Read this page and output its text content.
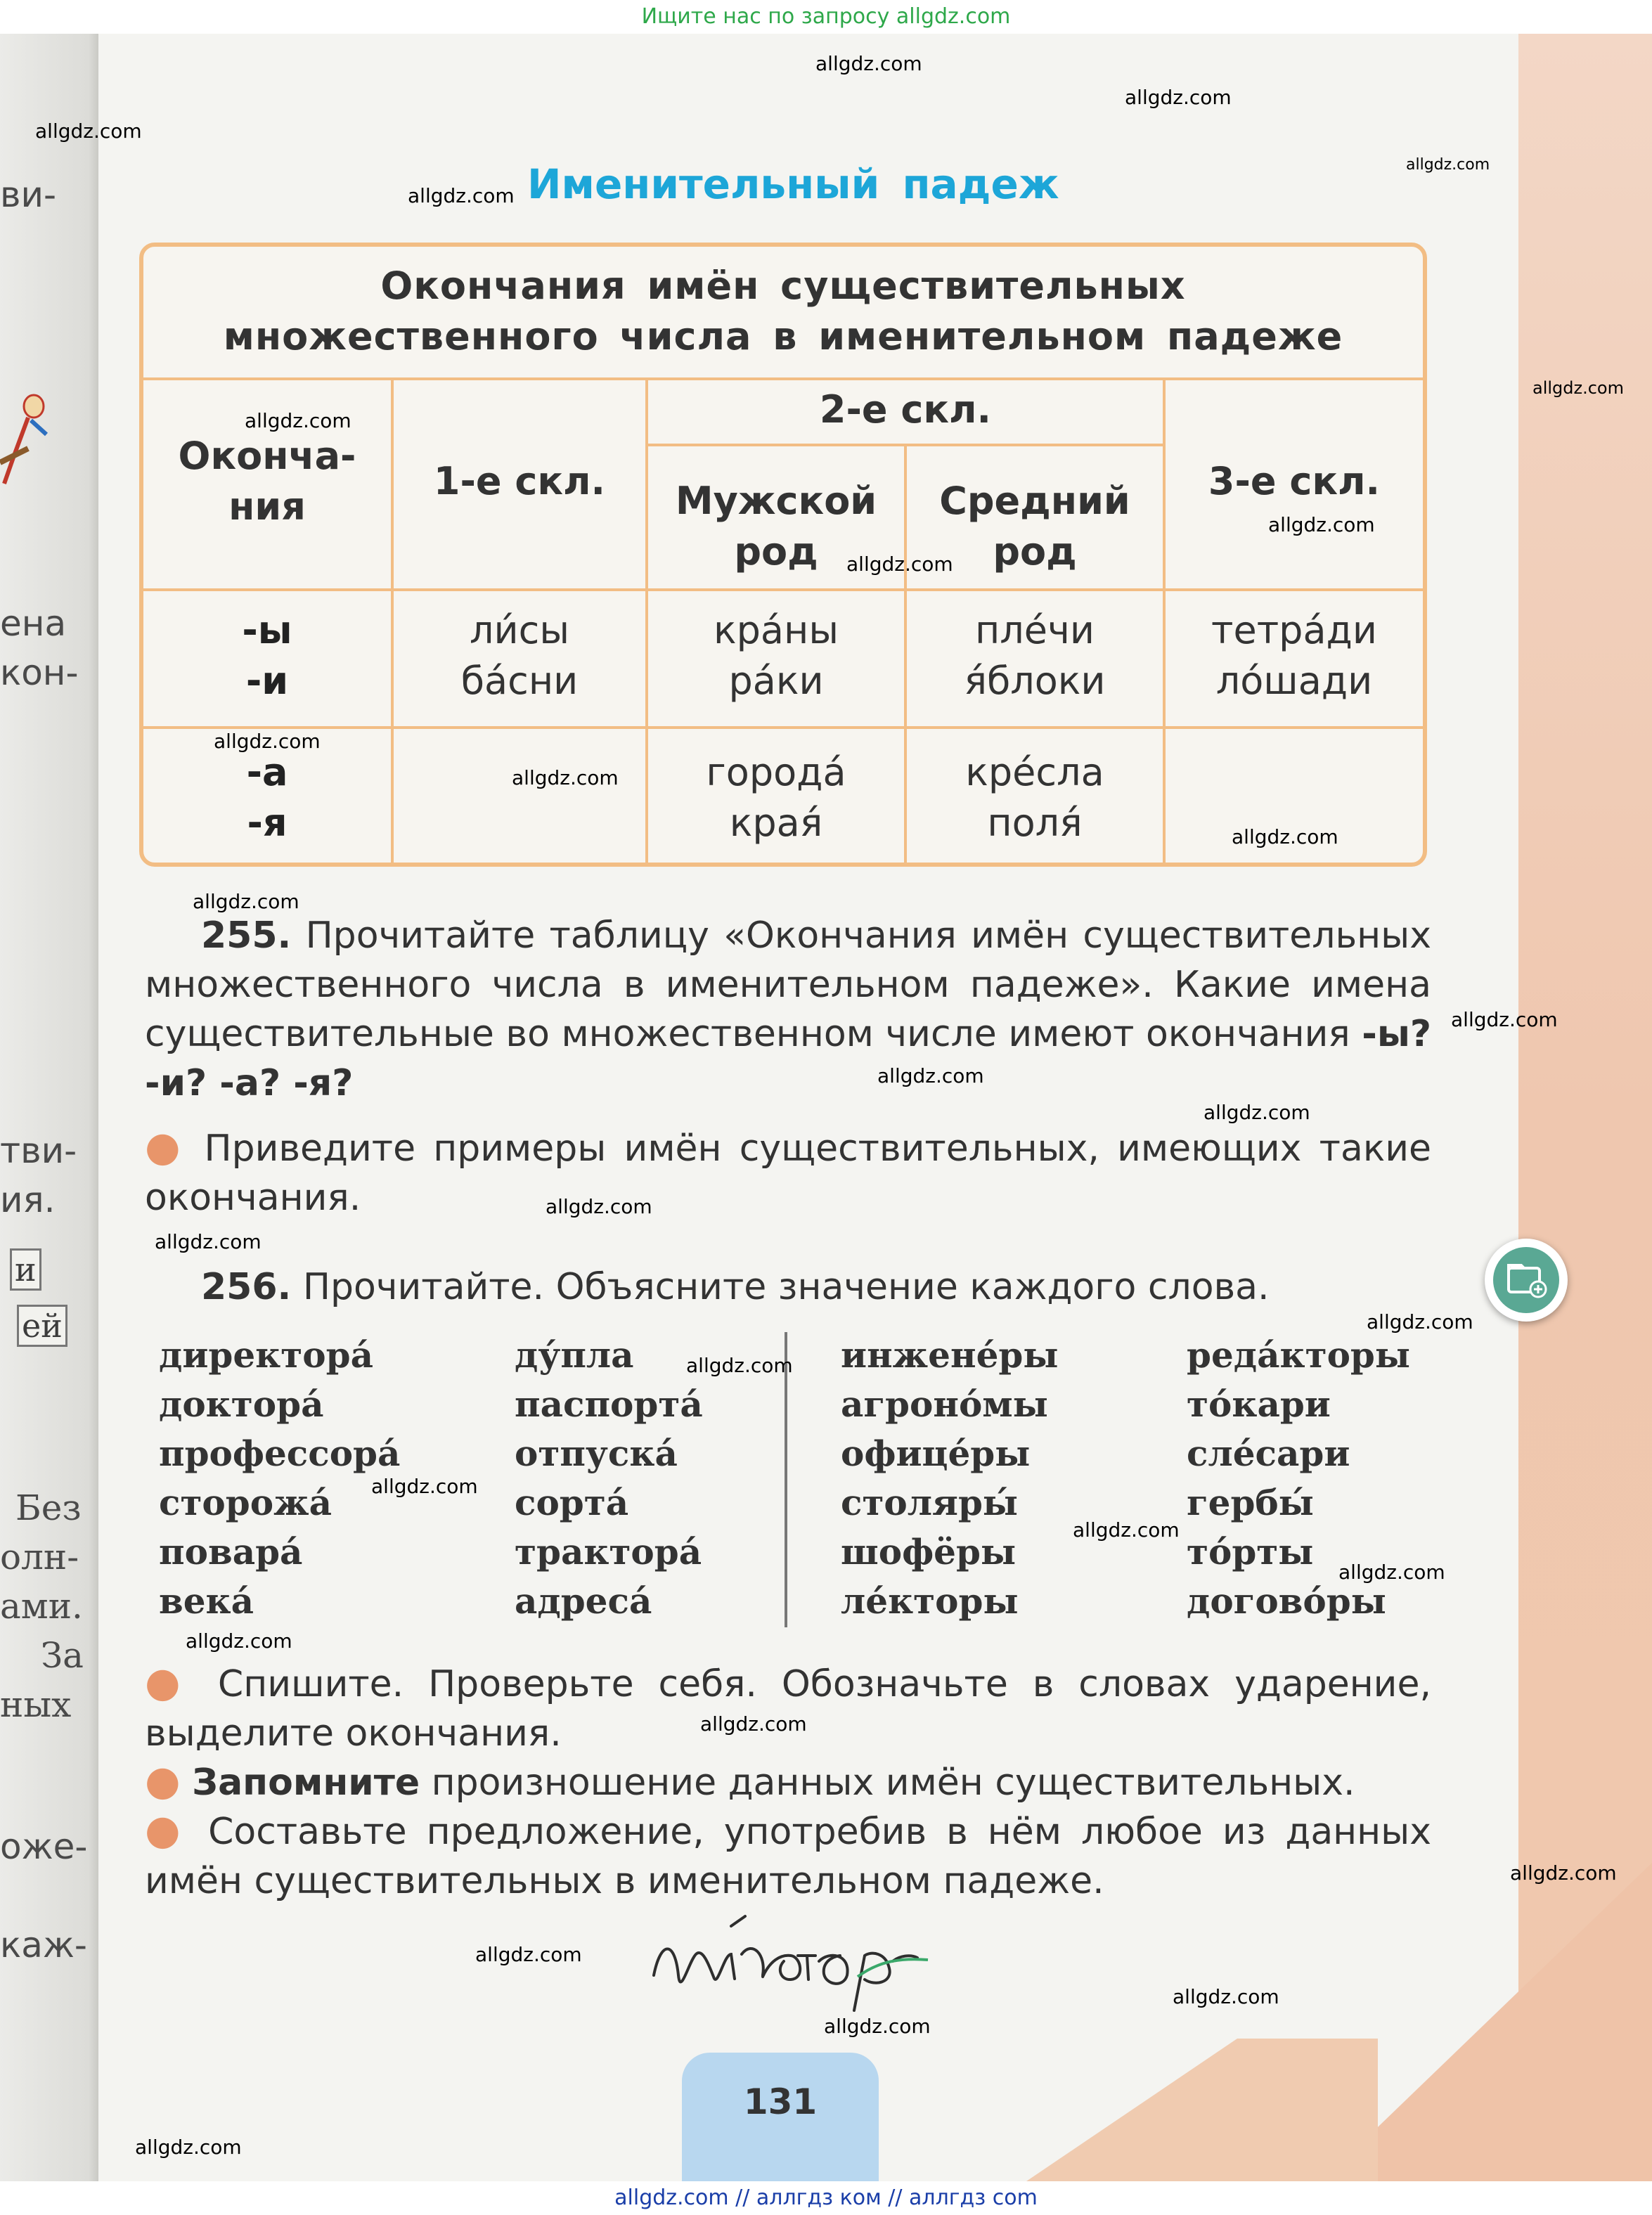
Ищите нас по запросу allgdz.com
ви-
ена
кон-
тви-
ия.
и
ей
Без
олн-
ами.
За
ных
оже-
каж-
Именительный падеж
Окончания имён существительных
множественного числа в именительном падеже
Оконча-
ния
1-е скл.
2-е скл.
Мужской
род
Средний
род
3-е скл.
-ы
-и
ли́сы
ба́сни
кра́ны
ра́ки
пле́чи
я́блоки
тетра́ди
ло́шади
-а
-я
города́
края́
кре́сла
поля́
255. Прочитайте таблицу «Окончания имён существительных множественного числа в именительном падеже». Какие имена существительные во множественном числе имеют окончания -ы? -и? -а? -я?
● Приведите примеры имён существительных, имеющих такие окончания.
256. Прочитайте. Объясните значение каждого слова.
директора́
доктора́
профессора́
сторожа́
повара́
века́
ду́пла
паспорта́
отпуска́
сорта́
трактора́
адреса́
инжене́ры
агроно́мы
офице́ры
столяры́
шофёры
ле́кторы
реда́кторы
то́кари
сле́сари
гербы́
то́рты
догово́ры
● Спишите. Проверьте себя. Обозначьте в словах ударение, выделите окончания.
● Запомните произношение данных имён существительных.
● Составьте предложение, употребив в нём любое из данных имён существительных в именительном падеже.
131
allgdz.com
allgdz.com
allgdz.com
allgdz.com
allgdz.com
allgdz.com
allgdz.com
allgdz.com
allgdz.com
allgdz.com
allgdz.com
allgdz.com
allgdz.com
allgdz.com
allgdz.com
allgdz.com
allgdz.com
allgdz.com
allgdz.com
allgdz.com
allgdz.com
allgdz.com
allgdz.com
allgdz.com
allgdz.com
allgdz.com
allgdz.com
allgdz.com
allgdz.com
allgdz.com
allgdz.com // аллгдз ком // аллгдз com
